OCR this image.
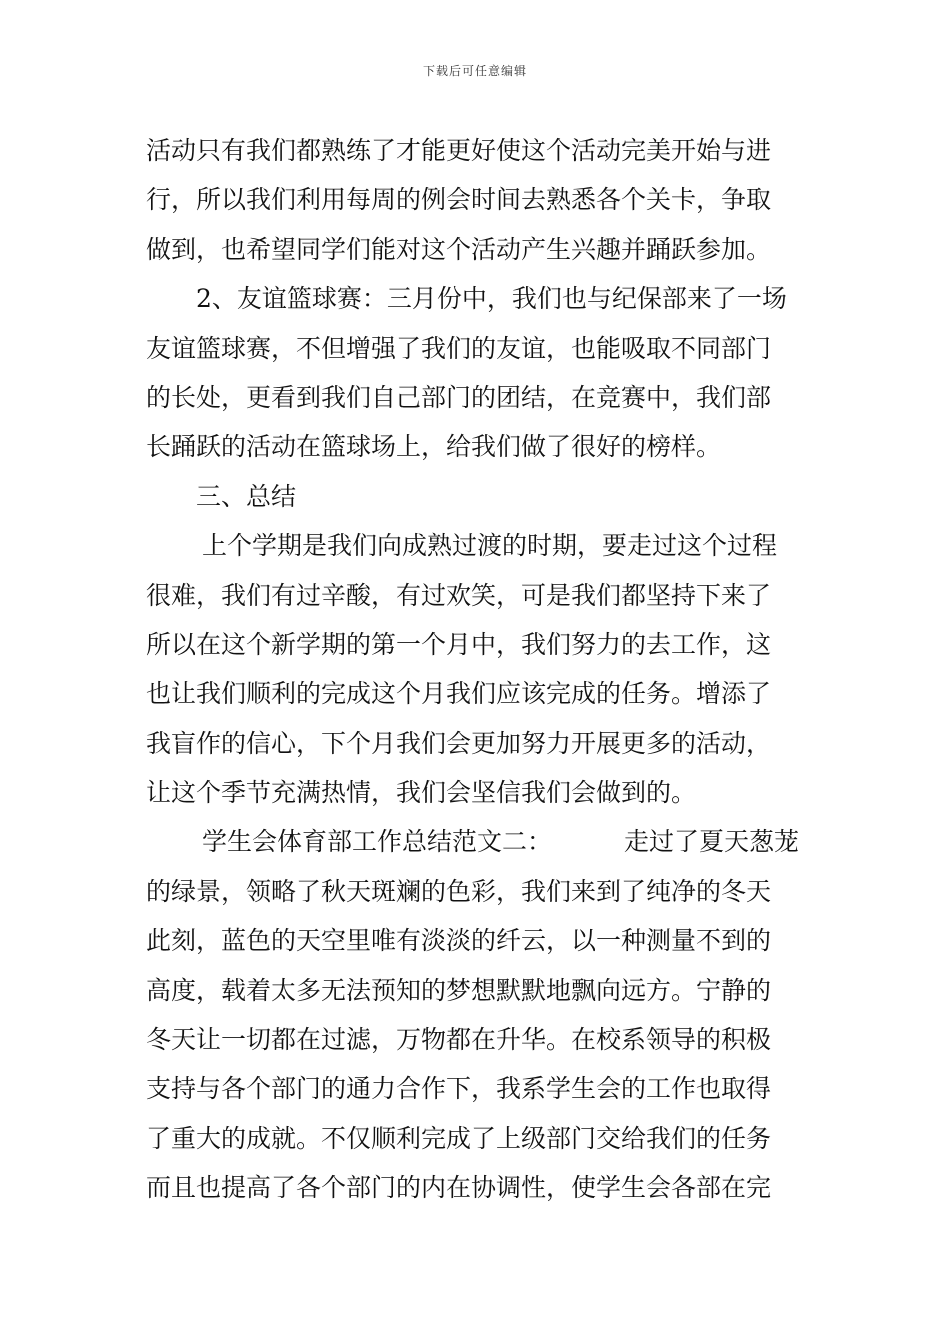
下载后可任意编辑
活动只有我们都熟练了才能更好使这个活动完美开始与进
行，所以我们利用每周的例会时间去熟悉各个关卡，争取
做到，也希望同学们能对这个活动产生兴趣并踊跃参加。
2、友谊篮球赛：三月份中，我们也与纪保部来了一场
友谊篮球赛，不但增强了我们的友谊，也能吸取不同部门
的长处，更看到我们自己部门的团结，在竞赛中，我们部
长踊跃的活动在篮球场上，给我们做了很好的榜样。
三、总结
上个学期是我们向成熟过渡的时期，要走过这个过程
很难，我们有过辛酸，有过欢笑，可是我们都坚持下来了
所以在这个新学期的第一个月中，我们努力的去工作，这
也让我们顺利的完成这个月我们应该完成的任务。增添了
我盲作的信心，下个月我们会更加努力开展更多的活动，
让这个季节充满热情，我们会坚信我们会做到的。
学生会体育部工作总结范文二：	走过了夏天葱茏
的绿景，领略了秋天斑斓的色彩，我们来到了纯净的冬天
此刻，蓝色的天空里唯有淡淡的纤云，以一种测量不到的
高度，载着太多无法预知的梦想默默地飘向远方。宁静的
冬天让一切都在过滤，万物都在升华。在校系领导的积极
支持与各个部门的通力合作下，我系学生会的工作也取得
了重大的成就。不仅顺利完成了上级部门交给我们的任务
而且也提高了各个部门的内在协调性，使学生会各部在完
